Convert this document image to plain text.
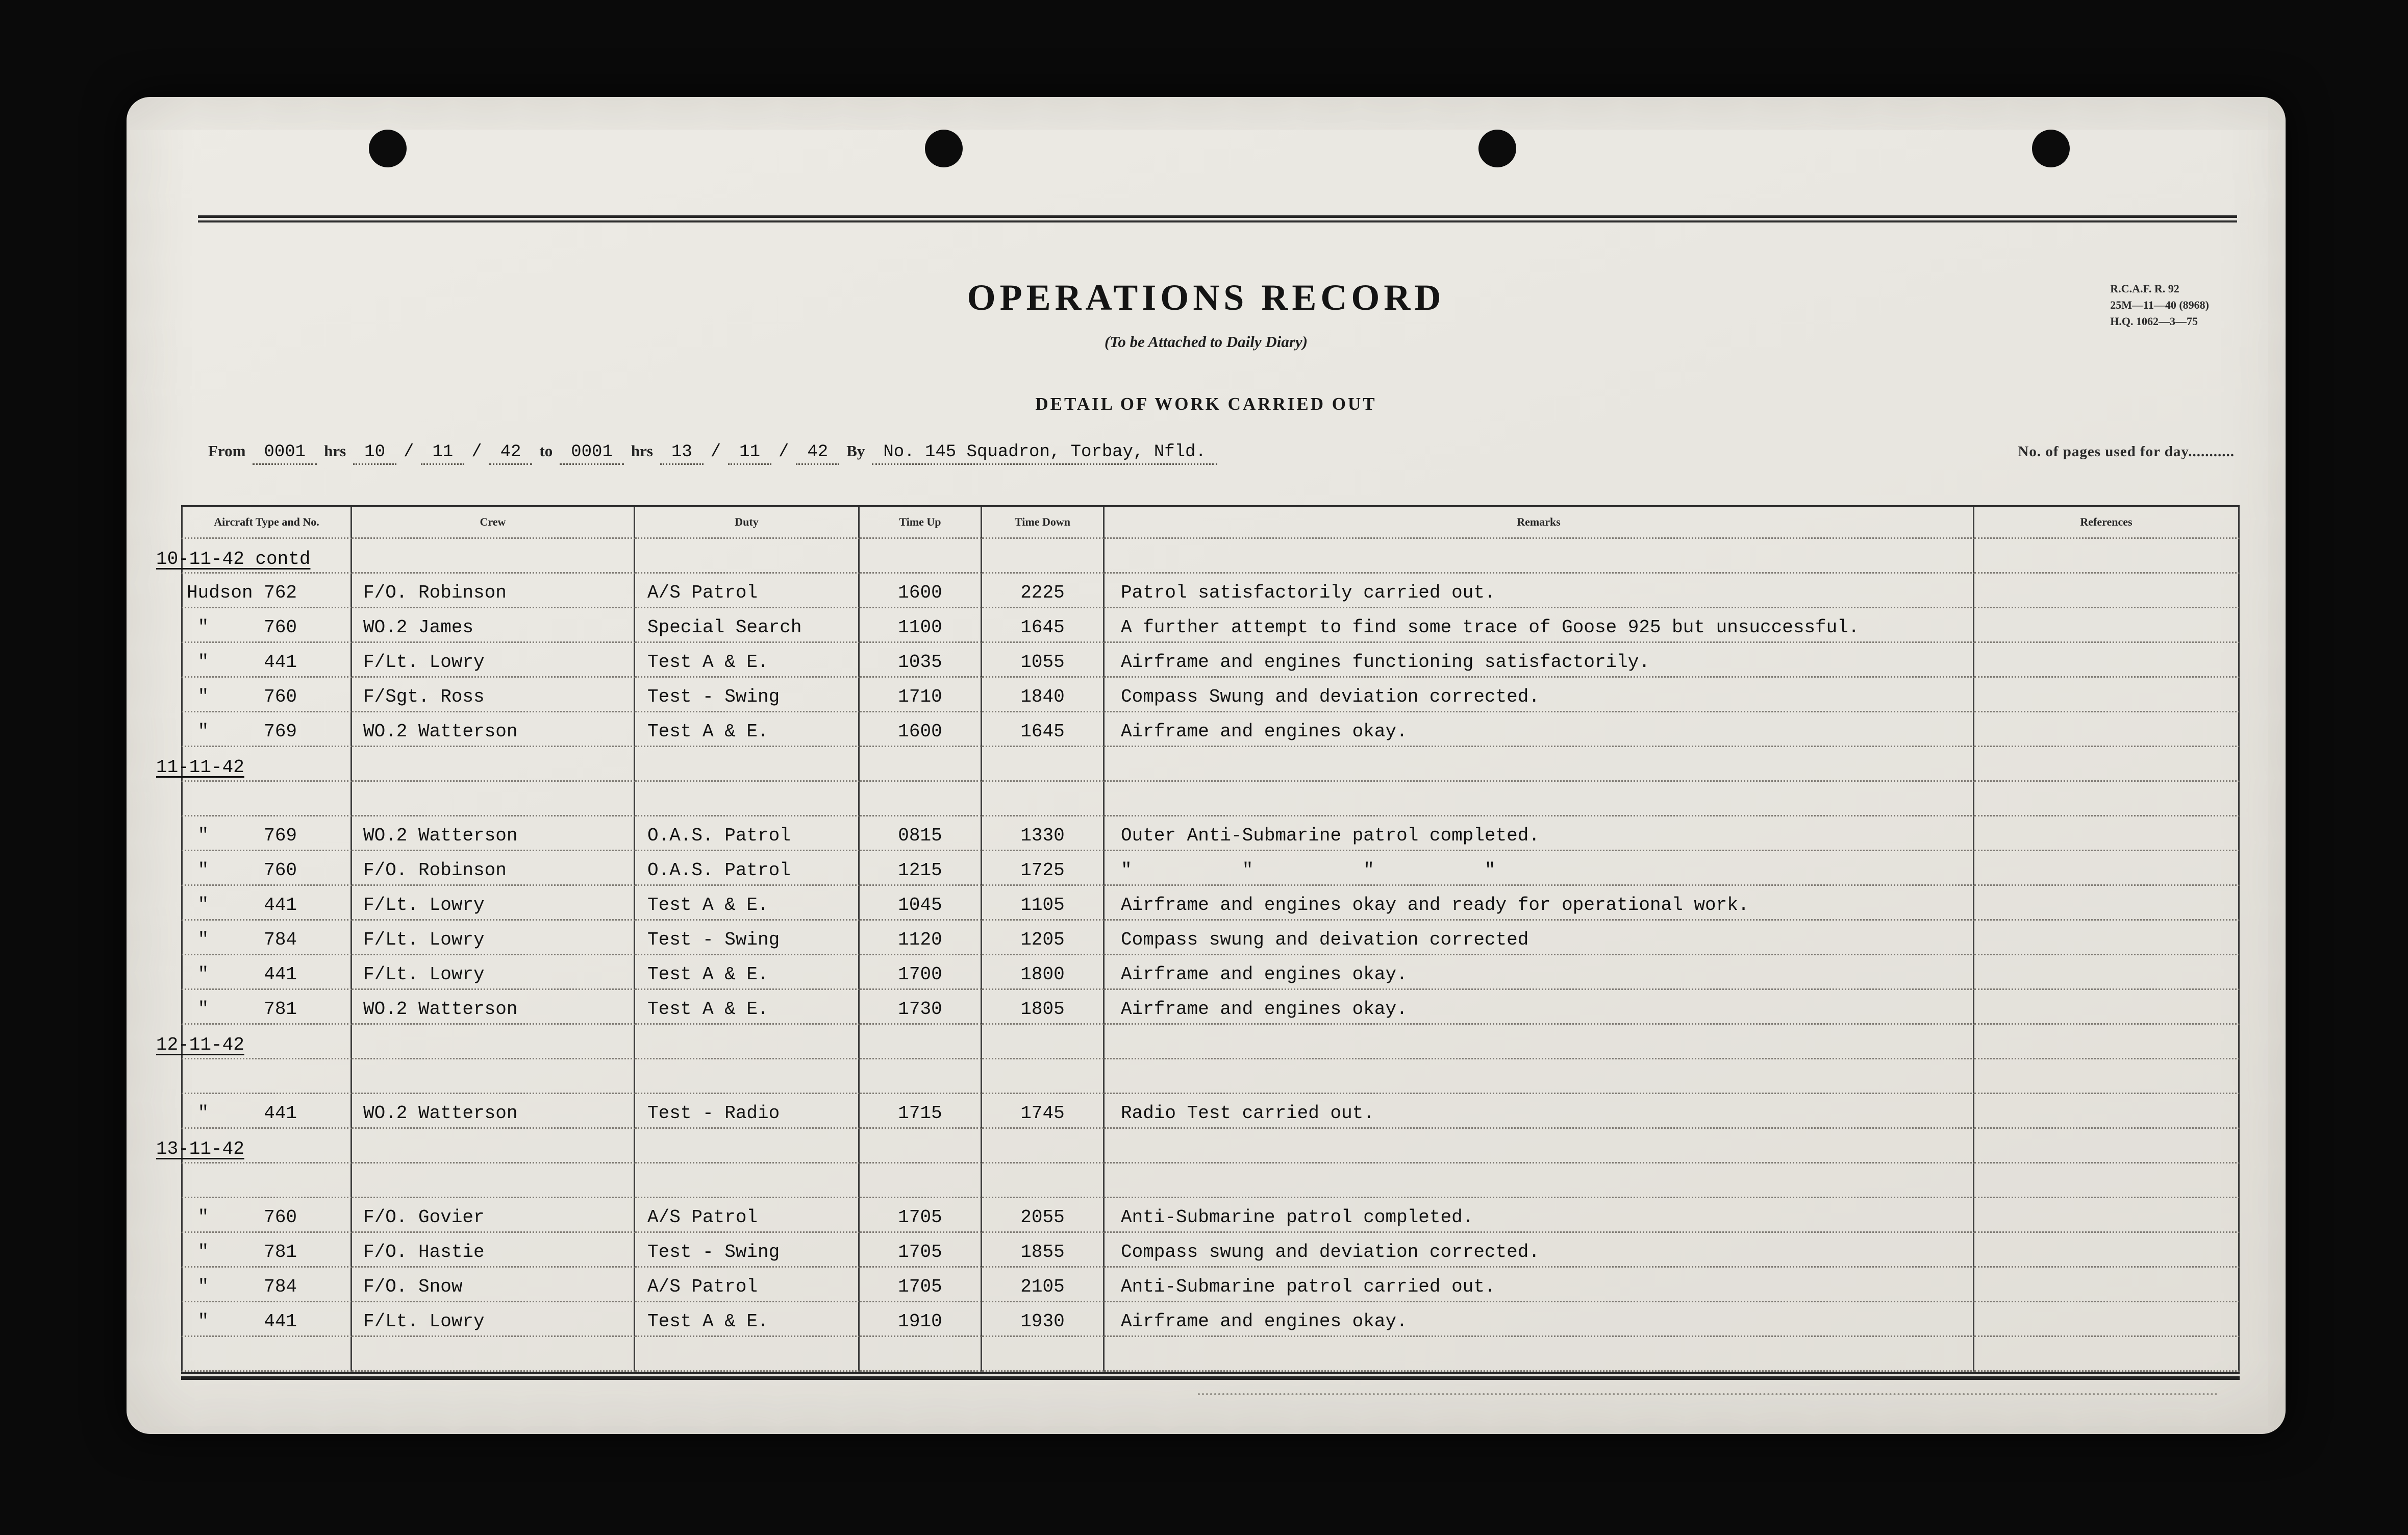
R.C.A.F. R. 92
25M—11—40 (8968)
H.Q. 1062—3—75
OPERATIONS RECORD
(To be Attached to Daily Diary)
DETAIL OF WORK CARRIED OUT
From	0001	hrs	10	/	11	/	42	to	0001	hrs	13	/	11	/	42	By	No. 145 Squadron, Torbay, Nfld.	No. of pages used for day...........
Aircraft Type and No.	Crew	Duty	Time Up	Time Down	Remarks	References
10-11-42 contd
Hudson 762	F/O. Robinson	A/S Patrol	1600	2225	Patrol satisfactorily carried out.
"     760	WO.2 James	Special Search	1100	1645	A further attempt to find some trace of Goose 925 but unsuccessful.
"     441	F/Lt. Lowry	Test A & E.	1035	1055	Airframe and engines functioning satisfactorily.
"     760	F/Sgt. Ross	Test - Swing	1710	1840	Compass Swung and deviation corrected.
"     769	WO.2 Watterson	Test A & E.	1600	1645	Airframe and engines okay.
11-11-42
"     769	WO.2 Watterson	O.A.S. Patrol	0815	1330	Outer Anti-Submarine patrol completed.
"     760	F/O. Robinson	O.A.S. Patrol	1215	1725	"          "          "          "
"     441	F/Lt. Lowry	Test A & E.	1045	1105	Airframe and engines okay and ready for operational work.
"     784	F/Lt. Lowry	Test - Swing	1120	1205	Compass swung and deivation corrected
"     441	F/Lt. Lowry	Test A & E.	1700	1800	Airframe and engines okay.
"     781	WO.2 Watterson	Test A & E.	1730	1805	Airframe and engines okay.
12-11-42
"     441	WO.2 Watterson	Test - Radio	1715	1745	Radio Test carried out.
13-11-42
"     760	F/O. Govier	A/S Patrol	1705	2055	Anti-Submarine patrol completed.
"     781	F/O. Hastie	Test - Swing	1705	1855	Compass swung and deviation corrected.
"     784	F/O. Snow	A/S Patrol	1705	2105	Anti-Submarine patrol carried out.
"     441	F/Lt. Lowry	Test A & E.	1910	1930	Airframe and engines okay.
